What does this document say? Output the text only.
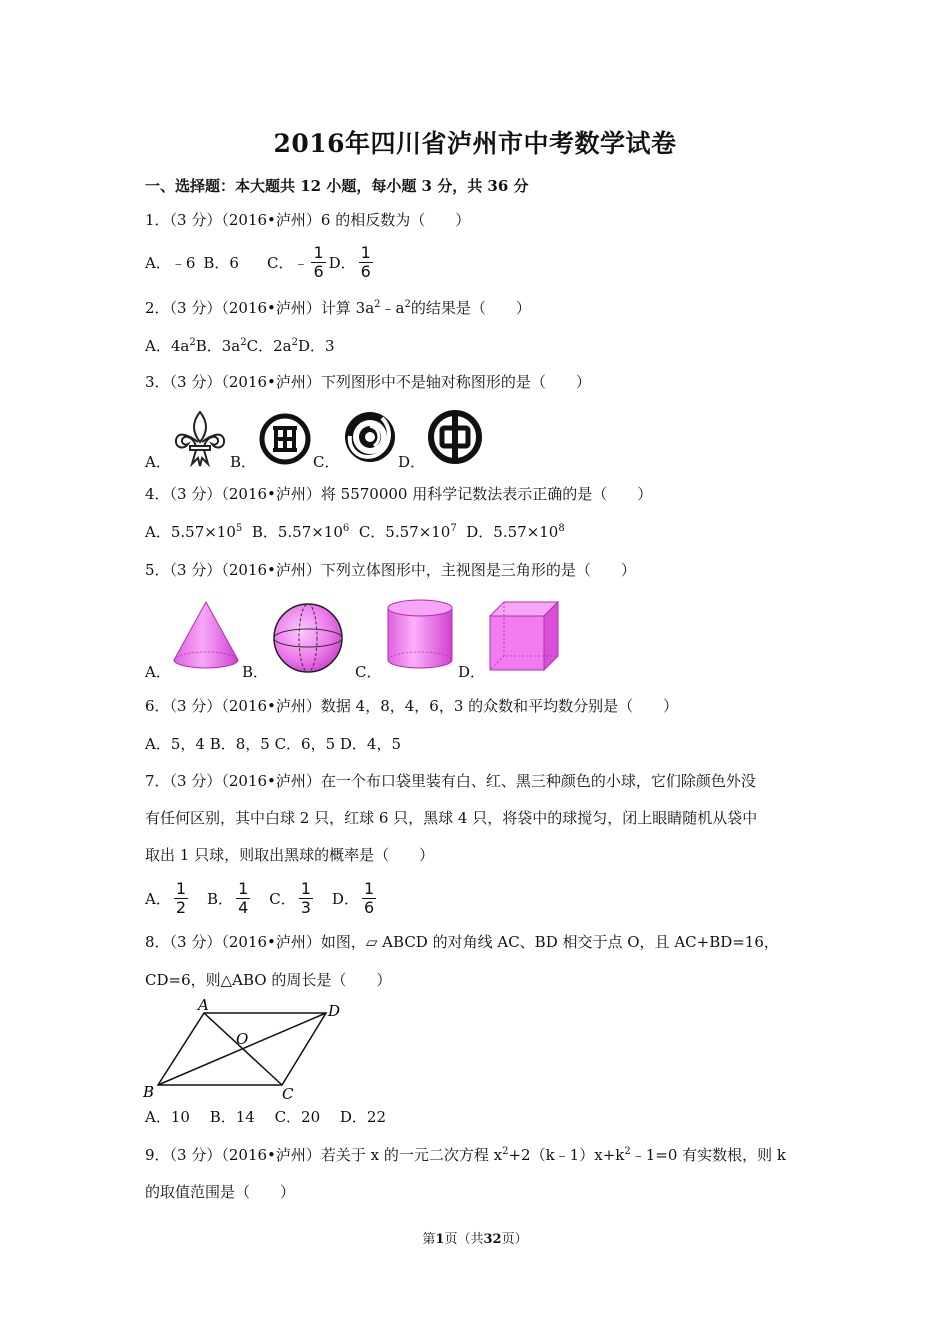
2016年四川省泸州市中考数学试卷
一、选择题：本大题共 12 小题，每小题 3 分，共 36 分
1．（3 分）（2016•泸州）6 的相反数为（　　）
A．﹣6 B．6 C．﹣ $\frac{1}{6}$ D． $\frac{1}{6}$
2．（3 分）（2016•泸州）计算 $3a^2﹣a^2$的结果是（　　）
A．$4a^2B$．$3a^2C$．$2a^2D$．3
3．（3 分）（2016•泸州）下列图形中不是轴对称图形的是（　　）
A．	B．	C．	D．
4．（3 分）（2016•泸州）将 5570000 用科学记数法表示正确的是（　　）
A．$5.57\times 10^5$ B．$5.57\times 10^6$ C．$5.57\times 10^7$ D．$5.57\times 10^8$
5．（3 分）（2016•泸州）下列立体图形中，主视图是三角形的是（　　）
A．	B．	C．	D．
6．（3 分）（2016•泸州）数据 4，8，4，6，3 的众数和平均数分别是（　　）
A．5，4 B．8，5 C．6，5 D．4，5
7．（3 分）（2016•泸州）在一个布口袋里装有白、红、黑三种颜色的小球，它们除颜色外没
有任何区别，其中白球 2 只，红球 6 只，黑球 4 只，将袋中的球搅匀，闭上眼睛随机从袋中
取出 1 只球，则取出黑球的概率是（　　）
A． $\frac{1}{2}$ B． $\frac{1}{4}$ C． $\frac{1}{3}$ D． $\frac{1}{6}$
8．（3 分）（2016•泸州）如图，▱ ABCD 的对角线 AC、BD 相交于点 O，且 AC+BD=16，
CD=6，则△ABO 的周长是（　　）
A	D
B	C
O
A．10　 B．14　 C．20　 D．22
9．（3 分）（2016•泸州）若关于 x 的一元二次方程 $x^2+2(k﹣1)x+k^2﹣1=0$ 有实数根，则 k
的取值范围是（　　）
第1页（共32页）
